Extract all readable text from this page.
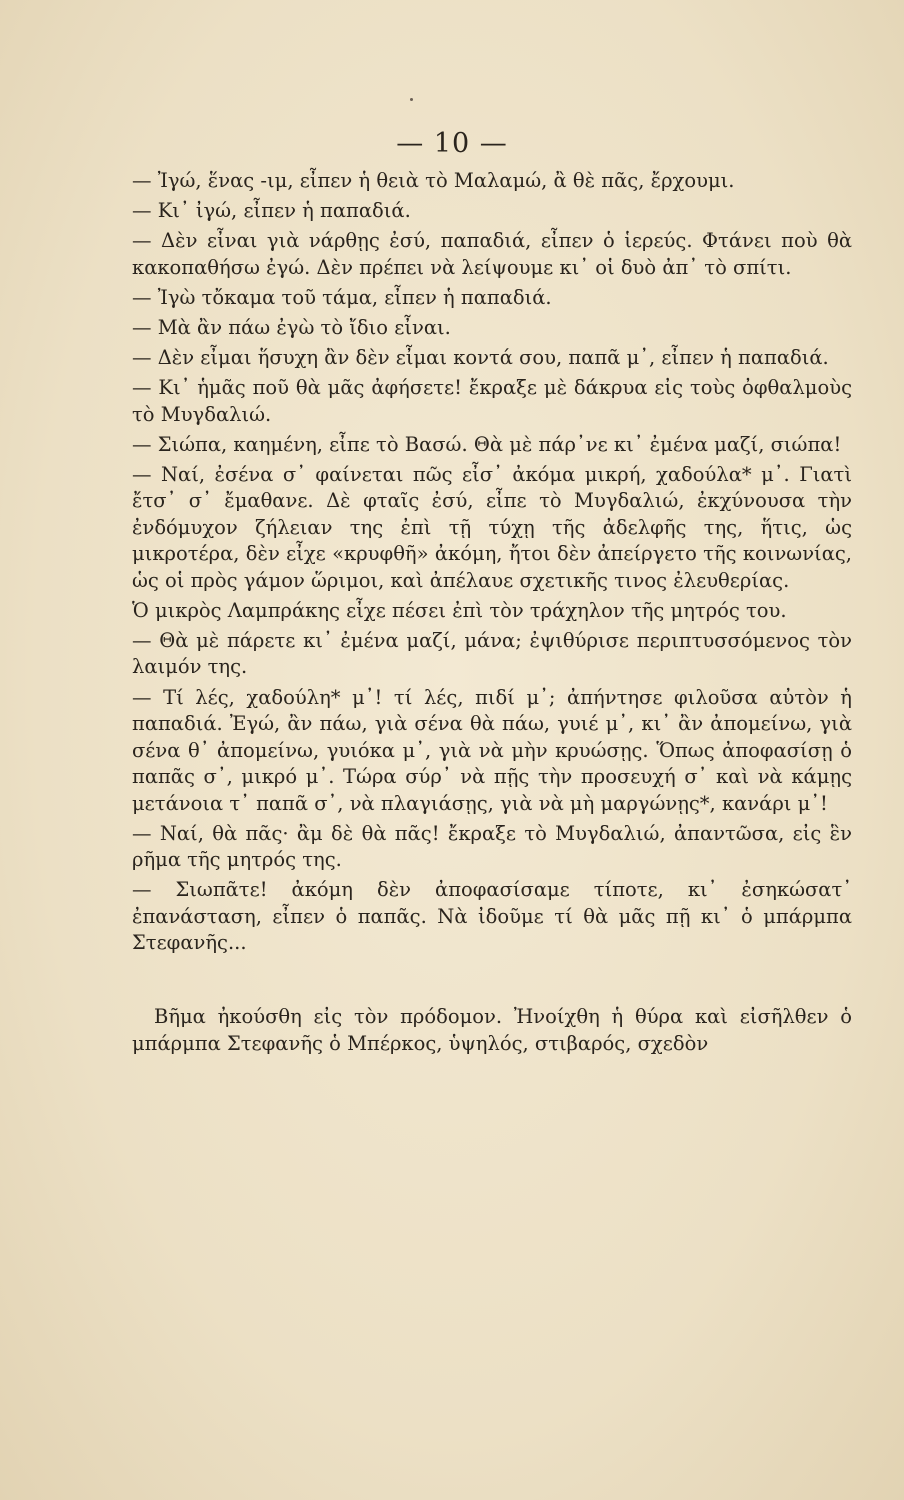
— 10 —

— Ἰγώ, ἕνας -ιμ, εἶπεν ἡ θειὰ τὸ Μαλαμώ, ἂ θὲ πᾶς, ἔρχουμι.

— Κι᾽ ἰγώ, εἶπεν ἡ παπαδιά.

— Δὲν εἶναι γιὰ νάρθῃς ἐσύ, παπαδιά, εἶπεν ὁ ἱερεύς. Φτάνει ποὺ θὰ κακοπαθήσω ἐγώ. Δὲν πρέπει νὰ λείψουμε κι᾽ οἱ δυὸ ἀπ᾽ τὸ σπίτι.

— Ἰγὼ τὄκαμα τοῦ τάμα, εἶπεν ἡ παπαδιά.

— Μὰ ἂν πάω ἐγὼ τὸ ἴδιο εἶναι.

— Δὲν εἶμαι ἥσυχη ἂν δὲν εἶμαι κοντά σου, παπᾶ μ᾽, εἶπεν ἡ παπαδιά.

— Κι᾽ ἡμᾶς ποῦ θὰ μᾶς ἀφήσετε! ἔκραξε μὲ δάκρυα εἰς τοὺς ὀφθαλμοὺς τὸ Μυγδαλιώ.

— Σιώπα, καημένη, εἶπε τὸ Βασώ. Θὰ μὲ πάρ᾽νε κι᾽ ἐμένα μαζί, σιώπα!

— Ναί, ἐσένα σ᾽ φαίνεται πῶς εἶσ᾽ ἀκόμα μικρή, χαδούλα* μ᾽. Γιατὶ ἔτσ᾽ σ᾽ ἔμαθανε. Δὲ φταῖς ἐσύ, εἶπε τὸ Μυγδαλιώ, ἐκχύνουσα τὴν ἐνδόμυχον ζήλειαν της ἐπὶ τῇ τύχῃ τῆς ἀδελφῆς της, ἥτις, ὡς μικροτέρα, δὲν εἶχε «κρυφθῆ» ἀκόμη, ἤτοι δὲν ἀπείργετο τῆς κοινωνίας, ὡς οἱ πρὸς γάμον ὥριμοι, καὶ ἀπέλαυε σχετικῆς τινος ἐλευθερίας.

Ὁ μικρὸς Λαμπράκης εἶχε πέσει ἐπὶ τὸν τράχηλον τῆς μητρός του.

— Θὰ μὲ πάρετε κι᾽ ἐμένα μαζί, μάνα; ἐψιθύρισε περιπτυσσόμενος τὸν λαιμόν της.

— Τί λές, χαδούλη* μ᾽! τί λές, πιδί μ᾽; ἀπήντησε φιλοῦσα αὐτὸν ἡ παπαδιά. Ἐγώ, ἂν πάω, γιὰ σένα θὰ πάω, γυιέ μ᾽, κι᾽ ἂν ἀπομείνω, γιὰ σένα θ᾽ ἀπομείνω, γυιόκα μ᾽, γιὰ νὰ μὴν κρυώσῃς. Ὅπως ἀποφασίσῃ ὁ παπᾶς σ᾽, μικρό μ᾽. Τώρα σύρ᾽ νὰ πῇς τὴν προσευχή σ᾽ καὶ νὰ κάμῃς μετάνοια τ᾽ παπᾶ σ᾽, νὰ πλαγιάσῃς, γιὰ νὰ μὴ μαργώνῃς*, κανάρι μ᾽!

— Ναί, θὰ πᾶς· ἂμ δὲ θὰ πᾶς! ἔκραξε τὸ Μυγδαλιώ, ἀπαντῶσα, εἰς ἓν ρῆμα τῆς μητρός της.

— Σιωπᾶτε! ἀκόμη δὲν ἀποφασίσαμε τίποτε, κι᾽ ἐσηκώσατ᾽ ἐπανάσταση, εἶπεν ὁ παπᾶς. Νὰ ἰδοῦμε τί θὰ μᾶς πῇ κι᾽ ὁ μπάρμπα Στεφανῆς...

Βῆμα ἠκούσθη εἰς τὸν πρόδομον. Ἠνοίχθη ἡ θύρα καὶ εἰσῆλθεν ὁ μπάρμπα Στεφανῆς ὁ Μπέρκος, ὑψηλός, στιβαρός, σχεδὸν
